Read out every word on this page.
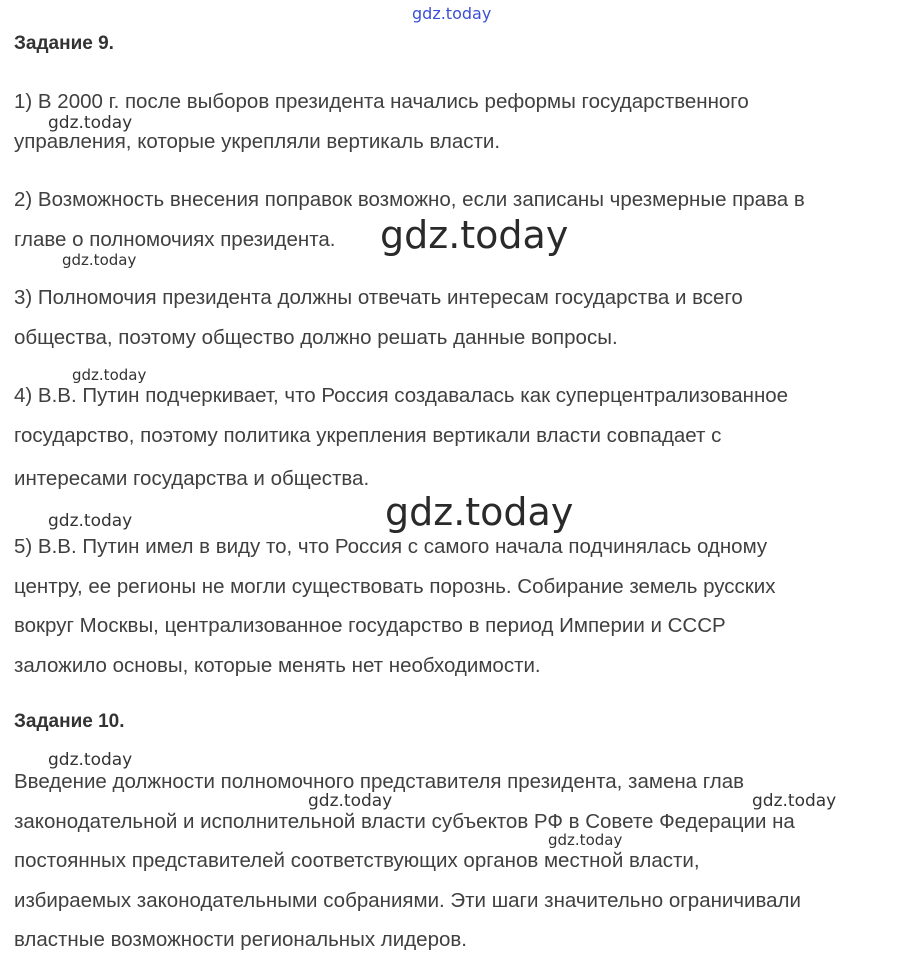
Задание 9.

1) В 2000 г. после выборов президента начались реформы государственного
управления, которые укрепляли вертикаль власти.

2) Возможность внесения поправок возможно, если записаны чрезмерные права в
главе о полномочиях президента.

3) Полномочия президента должны отвечать интересам государства и всего
общества, поэтому общество должно решать данные вопросы.

4) В.В. Путин подчеркивает, что Россия создавалась как суперцентрализованное
государство, поэтому политика укрепления вертикали власти совпадает с
интересами государства и общества.

5) В.В. Путин имел в виду то, что Россия с самого начала подчинялась одному
центру, ее регионы не могли существовать порознь. Собирание земель русских
вокруг Москвы, централизованное государство в период Империи и СССР
заложило основы, которые менять нет необходимости.

Задание 10.

Введение должности полномочного представителя президента, замена глав
законодательной и исполнительной власти субъектов РФ в Совете Федерации на
постоянных представителей соответствующих органов местной власти,
избираемых законодательными собраниями. Эти шаги значительно ограничивали
властные возможности региональных лидеров.

gdz.today
gdz.today
gdz.today
gdz.today
gdz.today
gdz.today
gdz.today
gdz.today
gdz.today	gdz.today
gdz.today
